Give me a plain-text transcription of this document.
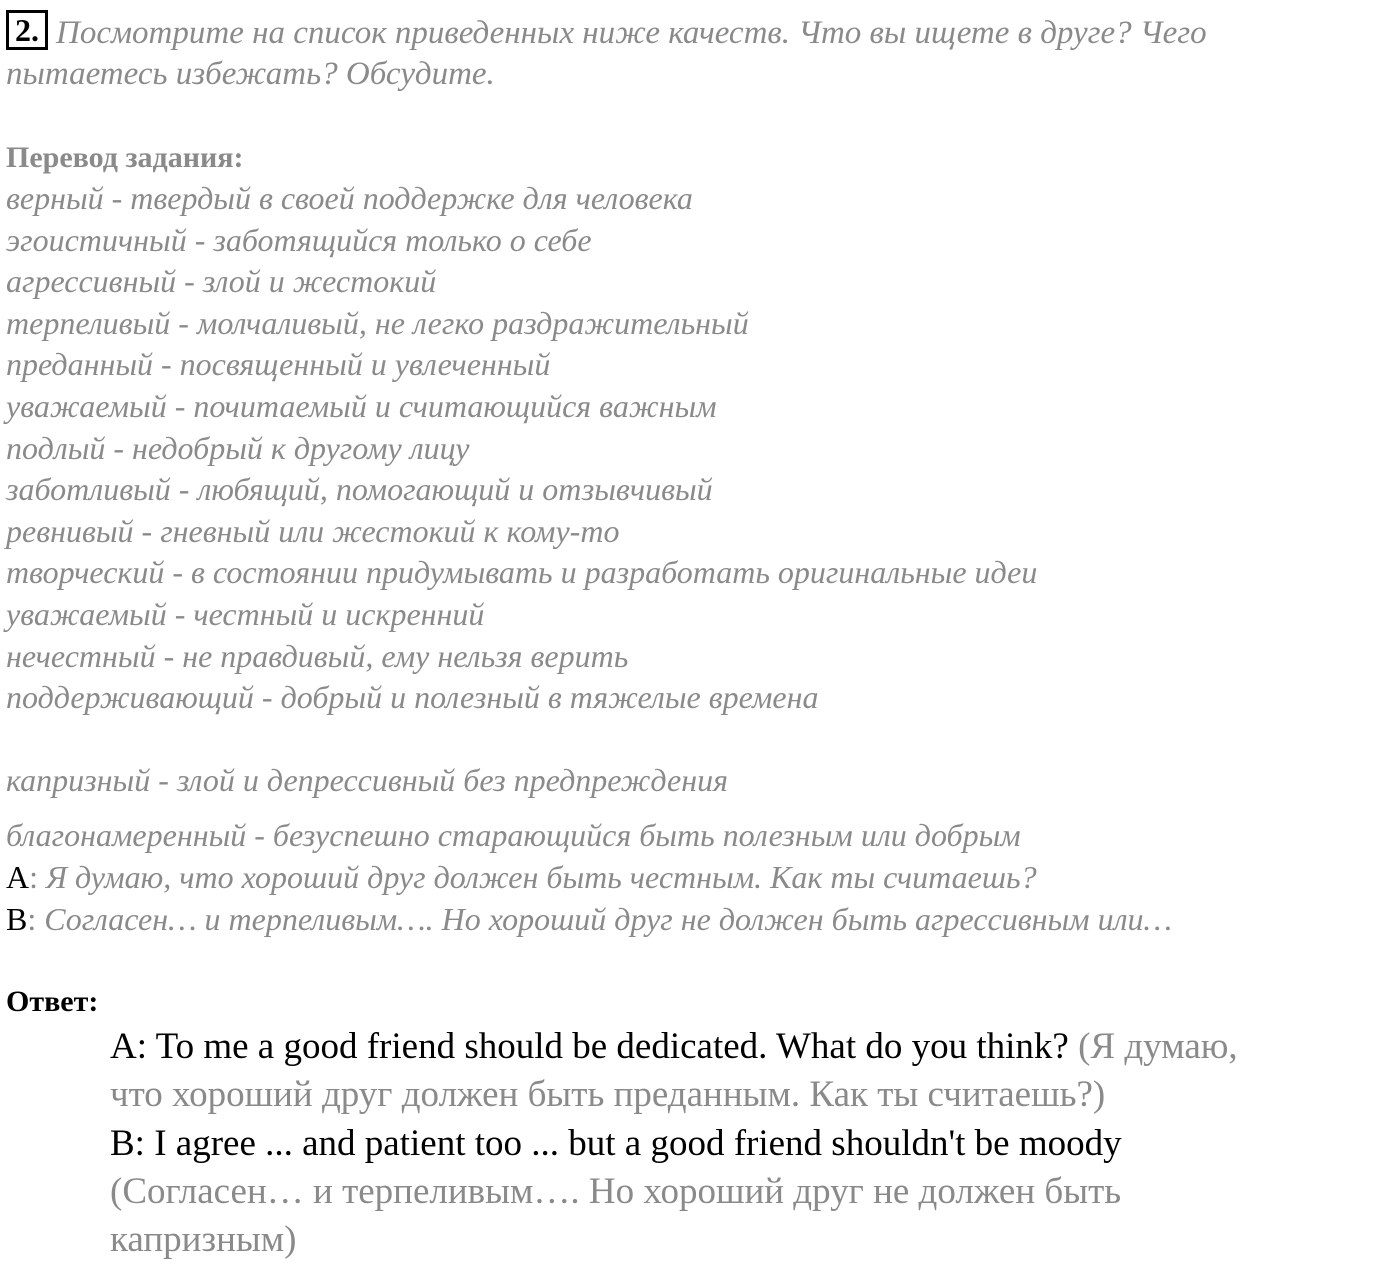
2. Посмотрите на список приведенных ниже качеств. Что вы ищете в друге? Чего
пытаетесь избежать? Обсудите.
Перевод задания:
верный - твердый в своей поддержке для человека
эгоистичный - заботящийся только о себе
агрессивный - злой и жестокий
терпеливый - молчаливый, не легко раздражительный
преданный - посвященный и увлеченный
уважаемый - почитаемый и считающийся важным
подлый - недобрый к другому лицу
заботливый - любящий, помогающий и отзывчивый
ревнивый - гневный или жестокий к кому-то
творческий - в состоянии придумывать и разработать оригинальные идеи
уважаемый - честный и искренний
нечестный - не правдивый, ему нельзя верить
поддерживающий - добрый и полезный в тяжелые времена
капризный - злой и депрессивный без предпреждения
благонамеренный - безуспешно старающийся быть полезным или добрым
A: Я думаю, что хороший друг должен быть честным. Как ты считаешь?
B: Согласен… и терпеливым…. Но хороший друг не должен быть агрессивным или…
Ответ:
A: To me a good friend should be dedicated. What do you think? (Я думаю,
что хороший друг должен быть преданным. Как ты считаешь?)
B: I agree ... and patient too ... but a good friend shouldn't be moody
(Согласен… и терпеливым…. Но хороший друг не должен быть
капризным)
